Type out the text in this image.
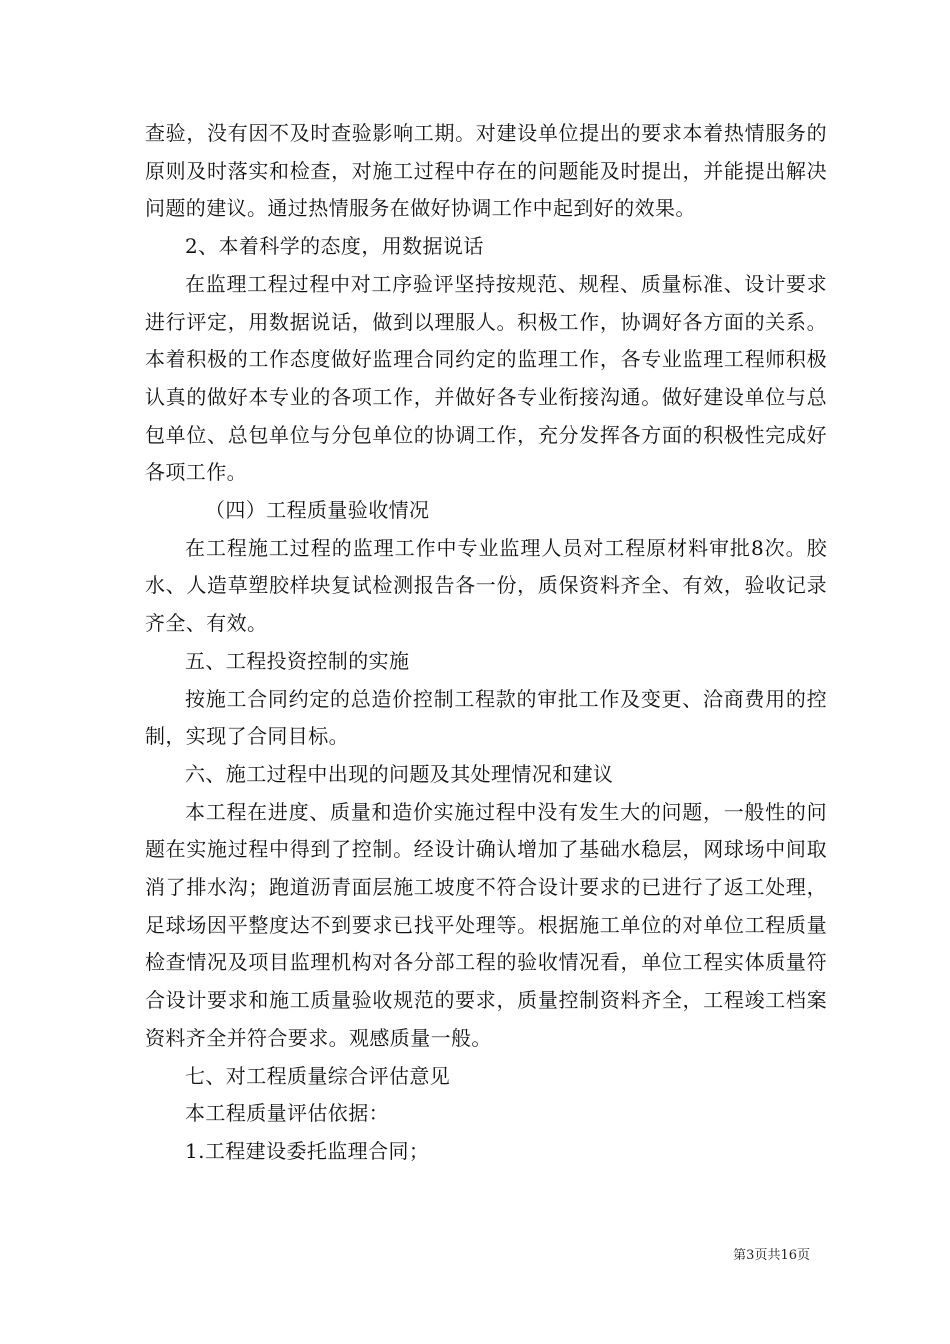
查验，没有因不及时查验影响工期。对建设单位提出的要求本着热情服务的原则及时落实和检查，对施工过程中存在的问题能及时提出，并能提出解决问题的建议。通过热情服务在做好协调工作中起到好的效果。

2、本着科学的态度，用数据说话

在监理工程过程中对工序验评坚持按规范、规程、质量标准、设计要求进行评定，用数据说话，做到以理服人。积极工作，协调好各方面的关系。本着积极的工作态度做好监理合同约定的监理工作，各专业监理工程师积极认真的做好本专业的各项工作，并做好各专业衔接沟通。做好建设单位与总包单位、总包单位与分包单位的协调工作，充分发挥各方面的积极性完成好各项工作。

（四）工程质量验收情况

在工程施工过程的监理工作中专业监理人员对工程原材料审批8次。胶水、人造草塑胶样块复试检测报告各一份，质保资料齐全、有效，验收记录齐全、有效。

五、工程投资控制的实施

按施工合同约定的总造价控制工程款的审批工作及变更、洽商费用的控制，实现了合同目标。

六、施工过程中出现的问题及其处理情况和建议

本工程在进度、质量和造价实施过程中没有发生大的问题，一般性的问题在实施过程中得到了控制。经设计确认增加了基础水稳层，网球场中间取消了排水沟；跑道沥青面层施工坡度不符合设计要求的已进行了返工处理，足球场因平整度达不到要求已找平处理等。根据施工单位的对单位工程质量检查情况及项目监理机构对各分部工程的验收情况看，单位工程实体质量符合设计要求和施工质量验收规范的要求，质量控制资料齐全，工程竣工档案资料齐全并符合要求。观感质量一般。

七、对工程质量综合评估意见

本工程质量评估依据：

1.工程建设委托监理合同；

第3页共16页
